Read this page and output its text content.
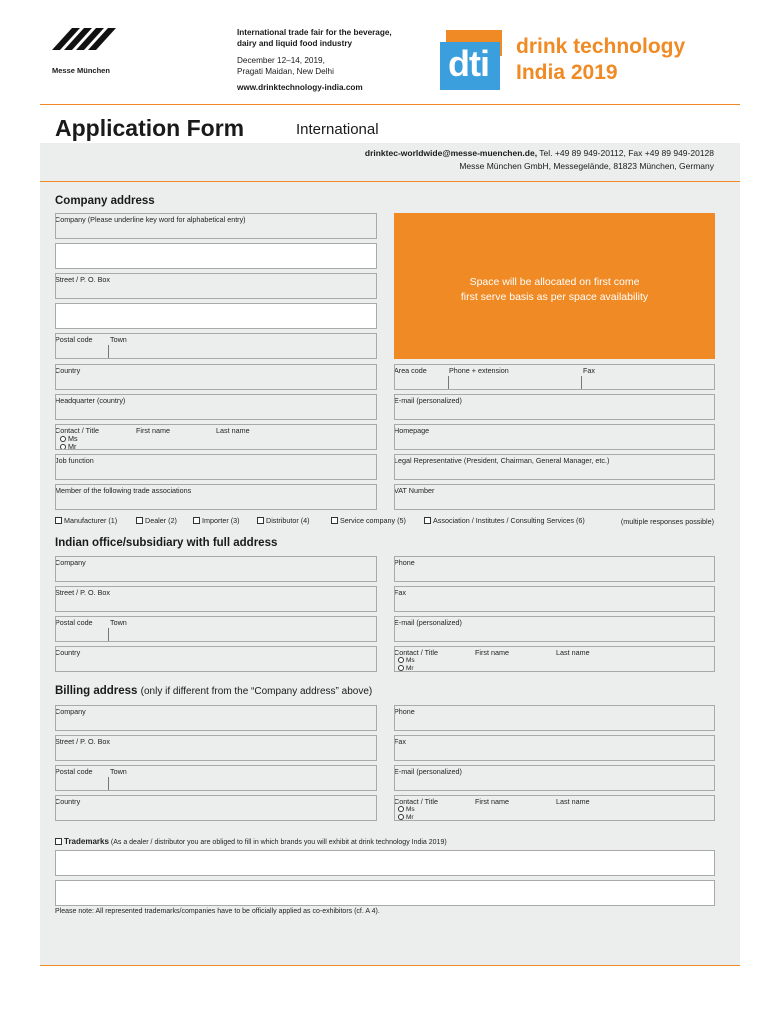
Messe München
International trade fair for the beverage,
dairy and liquid food industry
December 12–14, 2019,
Pragati Maidan, New Delhi
www.drinktechnology-india.com
dti drink technology
India 2019
Application Form	International
drinktec-worldwide@messe-muenchen.de, Tel. +49 89 949-20112, Fax +49 89 949-20128
Messe München GmbH, Messegelände, 81823 München, Germany
Company address
Company (Please underline key word for alphabetical entry)
Street / P. O. Box
Postal code Town
Country
Headquarter (country)
Contact / Title	First name	Last name
Ms
Mr
Job function
Member of the following trade associations
Space will be allocated on first come
first serve basis as per space availability
Area code	Phone + extension	Fax
E-mail (personalized)
Homepage
Legal Representative (President, Chairman, General Manager, etc.)
VAT Number
Manufacturer (1)	Dealer (2)	Importer (3)	Distributor (4)	Service company (5)	Association / Institutes / Consulting Services (6)	(multiple responses possible)
Indian office/subsidiary with full address
Company
Street / P. O. Box
Postal code Town
Country
Phone
Fax
E-mail (personalized)
Contact / Title	First name	Last name
Ms
Mr
Billing address (only if different from the “Company address” above)
Company
Street / P. O. Box
Postal code Town
Country
Phone
Fax
E-mail (personalized)
Contact / Title	First name	Last name
Ms
Mr
Trademarks (As a dealer / distributor you are obliged to fill in which brands you will exhibit at drink technology India 2019)
Please note: All represented trademarks/companies have to be officially applied as co-exhibitors (cf. A 4).
